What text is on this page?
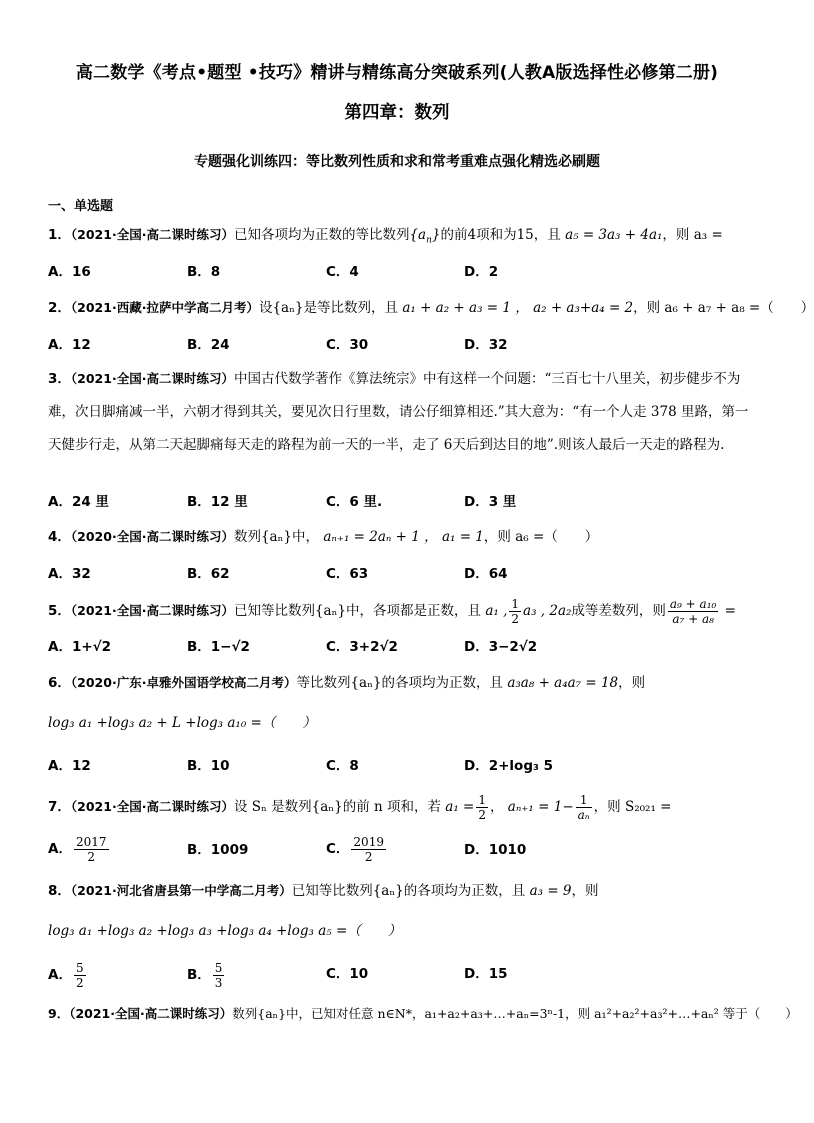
高二数学《考点•题型 •技巧》精讲与精练高分突破系列(人教A版选择性必修第二册)
第四章：数列
专题强化训练四：等比数列性质和求和常考重难点强化精选必刷题
一、单选题
1．（2021·全国·高二课时练习）已知各项均为正数的等比数列$\{a_n\}$的前4项和为15，且 a₅ = 3a₃ + 4a₁，则 a₃ =
A．16	B．8	C．4	D．2
2．（2021·西藏·拉萨中学高二月考）设{aₙ}是等比数列，且 a₁ + a₂ + a₃ = 1 ， a₂ + a₃+a₄ = 2，则 a₆ + a₇ + a₈ =（　　）
A．12	B．24	C．30	D．32
3．（2021·全国·高二课时练习）中国古代数学著作《算法统宗》中有这样一个问题：“三百七十八里关，初步健步不为难，次日脚痛减一半，六朝才得到其关，要见次日行里数，请公仔细算相还.”其大意为：“有一个人走 378 里路，第一天健步行走，从第二天起脚痛每天走的路程为前一天的一半，走了 6天后到达目的地”.则该人最后一天走的路程为.
A．24 里	B．12 里	C．6 里.	D．3 里
4．（2020·全国·高二课时练习）数列{aₙ}中， aₙ₊₁ = 2aₙ + 1 ， a₁ = 1，则 a₆ =（　　）
A．32	B．62	C．63	D．64
5．（2021·全国·高二课时练习）已知等比数列{aₙ}中，各项都是正数，且 a₁ , $\frac{1}{2} a_3$ , 2a₂成等差数列，则 $\frac{\text{a₉ + a₁₀}}{\text{a₇ + a₈}}$ =
A．1+√2	B．1−√2	C．3+2√2	D．3−2√2
6．（2020·广东·卓雅外国语学校高二月考）等比数列{aₙ}的各项均为正数，且 a₃a₈ + a₄a₇ = 18，则
log₃ a₁ +log₃ a₂ + L +log₃ a₁₀ =（　　）
A．12	B．10	C．8	D．2+log₃ 5
7．（2021·全国·高二课时练习）设 Sₙ 是数列{aₙ}的前 n 项和，若 $a_1 = \frac{1}{2}$ ， $a_{n+1} = 1- \frac{1}{\text{aₙ}}$ ，则 S₂₀₂₁ =
A． $\frac{2017}{2}$	B．1009	C． $\frac{2019}{2}$	D．1010
8．（2021·河北省唐县第一中学高二月考）已知等比数列{aₙ}的各项均为正数，且 a₃ = 9，则
log₃ a₁ +log₃ a₂ +log₃ a₃ +log₃ a₄ +log₃ a₅ =（　　）
A． $\frac{5}{2}$	B． $\frac{5}{3}$	C．10	D．15
9．（2021·全国·高二课时练习）数列{aₙ}中，已知对任意 n∈N*，a₁+a₂+a₃+…+aₙ=3ⁿ-1，则 a₁²+a₂²+a₃²+…+aₙ² 等于（　　）
